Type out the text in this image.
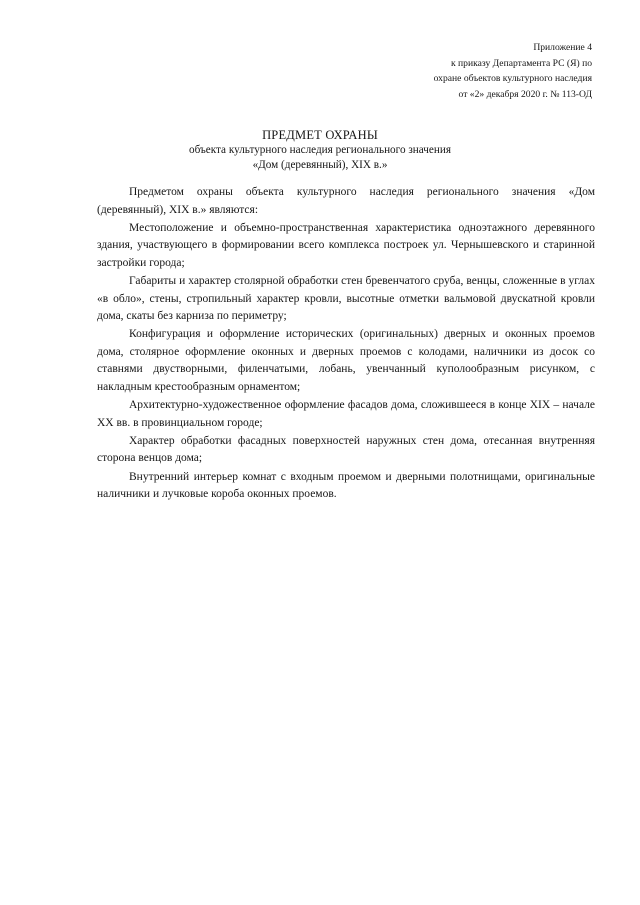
Приложение 4
к приказу Департамента РС (Я) по
охране объектов культурного наследия
от «2» декабря 2020 г. № 113-ОД
ПРЕДМЕТ ОХРАНЫ
объекта культурного наследия регионального значения
«Дом (деревянный), XIX в.»

Предметом охраны объекта культурного наследия регионального значения «Дом (деревянный), XIX в.» являются:

Местоположение и объемно-пространственная характеристика одноэтажного деревянного здания, участвующего в формировании всего комплекса построек ул. Чернышевского и старинной застройки города;

Габариты и характер столярной обработки стен бревенчатого сруба, венцы, сложенные в углах «в обло», стены, стропильный характер кровли, высотные отметки вальмовой двускатной кровли дома, скаты без карниза по периметру;

Конфигурация и оформление исторических (оригинальных) дверных и оконных проемов дома, столярное оформление оконных и дверных проемов с колодами, наличники из досок со ставнями двустворными, филенчатыми, лобань, увенчанный куполообразным рисунком, с накладным крестообразным орнаментом;

Архитектурно-художественное оформление фасадов дома, сложившееся в конце XIX – начале XX вв. в провинциальном городе;

Характер обработки фасадных поверхностей наружных стен дома, отесанная внутренняя сторона венцов дома;

Внутренний интерьер комнат с входным проемом и дверными полотнищами, оригинальные наличники и лучковые короба оконных проемов.
